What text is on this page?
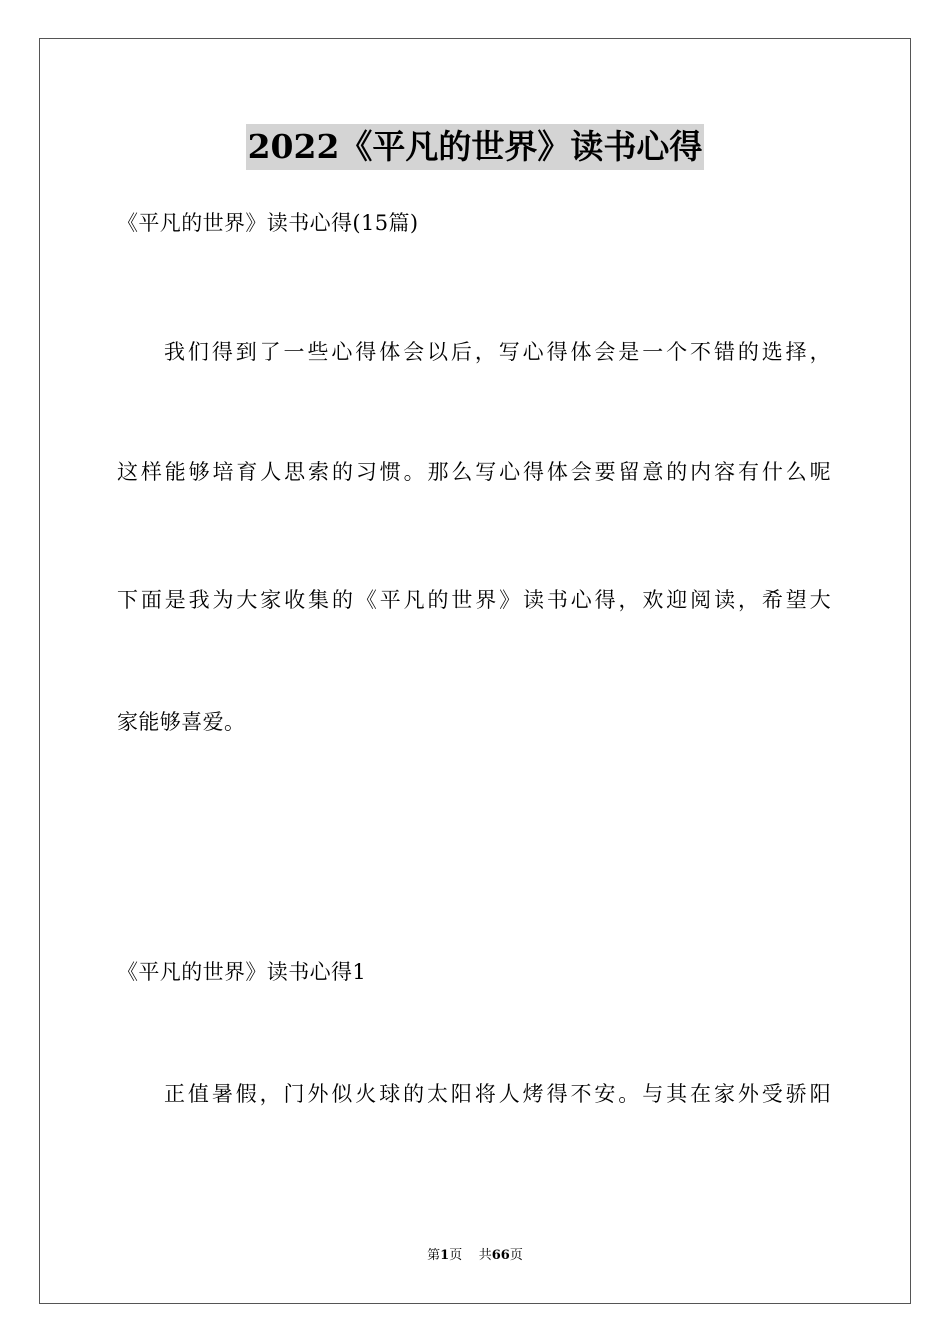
2022《平凡的世界》读书心得
《平凡的世界》读书心得(15篇)
我们得到了一些心得体会以后，写心得体会是一个不错的选择，
这样能够培育人思索的习惯。那么写心得体会要留意的内容有什么呢
下面是我为大家收集的《平凡的世界》读书心得，欢迎阅读，希望大
家能够喜爱。
《平凡的世界》读书心得1
正值暑假，门外似火球的太阳将人烤得不安。与其在家外受骄阳
第1页 共66页
